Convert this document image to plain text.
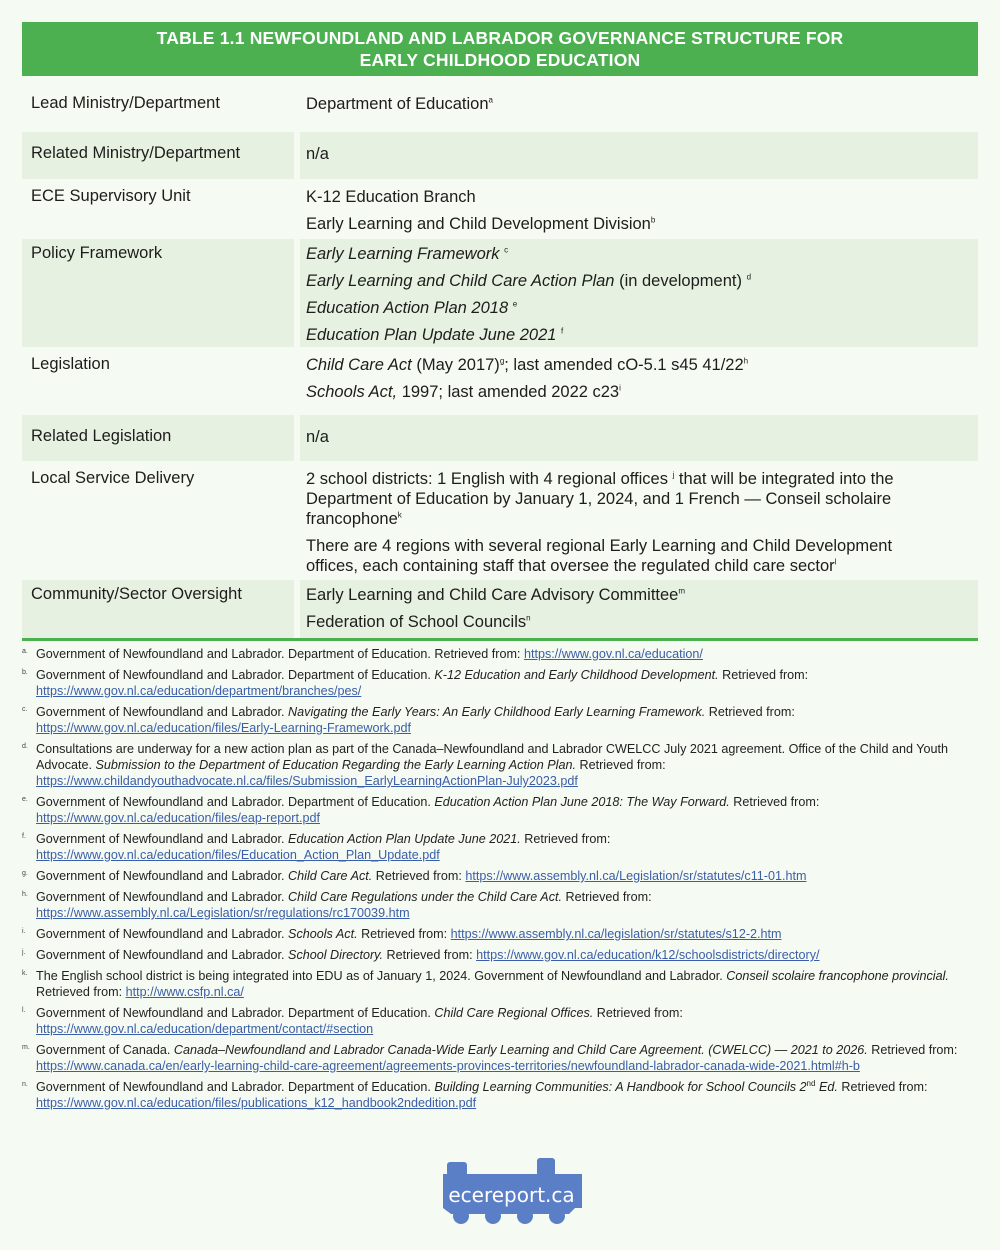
TABLE 1.1 NEWFOUNDLAND AND LABRADOR GOVERNANCE STRUCTURE FOR
EARLY CHILDHOOD EDUCATION
Lead Ministry/Department	Department of Education$^a$
Related Ministry/Department	n/a
ECE Supervisory Unit	K-12 Education Branch
Early Learning and Child Development Division$^b$
Policy Framework	Early Learning Framework $^c$
Early Learning and Child Care Action Plan (in development) $^d$
Education Action Plan 2018 $^e$
Education Plan Update June 2021 $^f$
Legislation	Child Care Act (May 2017)$^g$; last amended cO-5.1 s45 41/22$^h$
Schools Act, 1997; last amended 2022 c23$^i$
Related Legislation	n/a
Local Service Delivery	2 school districts: 1 English with 4 regional offices $^j$ that will be integrated into the Department of Education by January 1, 2024, and 1 French — Conseil scholaire francophone$^k$
There are 4 regions with several regional Early Learning and Child Development offices, each containing staff that oversee the regulated child care sector$^l$
Community/Sector Oversight	Early Learning and Child Care Advisory Committee$^m$
Federation of School Councils$^n$
a. Government of Newfoundland and Labrador. Department of Education. Retrieved from: https://www.gov.nl.ca/education/
b. Government of Newfoundland and Labrador. Department of Education. K-12 Education and Early Childhood Development. Retrieved from: https://www.gov.nl.ca/education/department/branches/pes/
c. Government of Newfoundland and Labrador. Navigating the Early Years: An Early Childhood Early Learning Framework. Retrieved from: https://www.gov.nl.ca/education/files/Early-Learning-Framework.pdf
d. Consultations are underway for a new action plan as part of the Canada–Newfoundland and Labrador CWELCC July 2021 agreement. Office of the Child and Youth Advocate. Submission to the Department of Education Regarding the Early Learning Action Plan. Retrieved from: https://www.childandyouthadvocate.nl.ca/files/Submission_EarlyLearningActionPlan-July2023.pdf
e. Government of Newfoundland and Labrador. Department of Education. Education Action Plan June 2018: The Way Forward. Retrieved from: https://www.gov.nl.ca/education/files/eap-report.pdf
f. Government of Newfoundland and Labrador. Education Action Plan Update June 2021. Retrieved from: https://www.gov.nl.ca/education/files/Education_Action_Plan_Update.pdf
g. Government of Newfoundland and Labrador. Child Care Act. Retrieved from: https://www.assembly.nl.ca/Legislation/sr/statutes/c11-01.htm
h. Government of Newfoundland and Labrador. Child Care Regulations under the Child Care Act. Retrieved from: https://www.assembly.nl.ca/Legislation/sr/regulations/rc170039.htm
i. Government of Newfoundland and Labrador. Schools Act. Retrieved from: https://www.assembly.nl.ca/legislation/sr/statutes/s12-2.htm
j. Government of Newfoundland and Labrador. School Directory. Retrieved from: https://www.gov.nl.ca/education/k12/schoolsdistricts/directory/
k. The English school district is being integrated into EDU as of January 1, 2024. Government of Newfoundland and Labrador. Conseil scolaire francophone provincial. Retrieved from: http://www.csfp.nl.ca/
l. Government of Newfoundland and Labrador. Department of Education. Child Care Regional Offices. Retrieved from: https://www.gov.nl.ca/education/department/contact/#section
m. Government of Canada. Canada–Newfoundland and Labrador Canada-Wide Early Learning and Child Care Agreement. (CWELCC) — 2021 to 2026. Retrieved from: https://www.canada.ca/en/early-learning-child-care-agreement/agreements-provinces-territories/newfoundland-labrador-canada-wide-2021.html#h-b
n. Government of Newfoundland and Labrador. Department of Education. Building Learning Communities: A Handbook for School Councils 2nd Ed. Retrieved from: https://www.gov.nl.ca/education/files/publications_k12_handbook2ndedition.pdf
ecereport.ca
